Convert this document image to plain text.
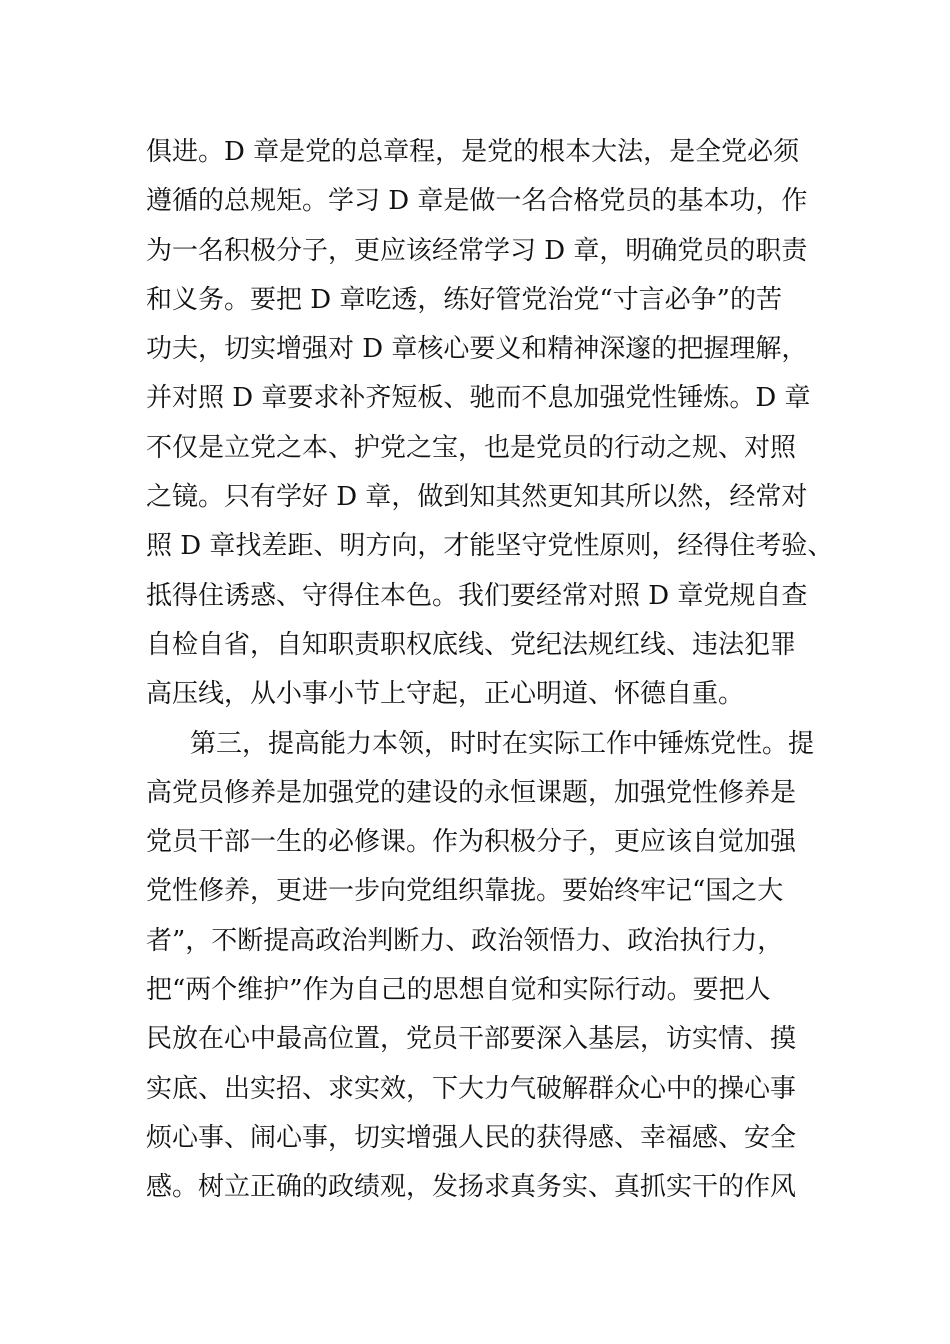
俱进。D 章是党的总章程，是党的根本大法，是全党必须
遵循的总规矩。学习 D 章是做一名合格党员的基本功，作
为一名积极分子，更应该经常学习 D 章，明确党员的职责
和义务。要把 D 章吃透，练好管党治党“寸言必争”的苦
功夫，切实增强对 D 章核心要义和精神深邃的把握理解，
并对照 D 章要求补齐短板、驰而不息加强党性锤炼。D 章
不仅是立党之本、护党之宝，也是党员的行动之规、对照
之镜。只有学好 D 章，做到知其然更知其所以然，经常对
照 D 章找差距、明方向，才能坚守党性原则，经得住考验、
抵得住诱惑、守得住本色。我们要经常对照 D 章党规自查
自检自省，自知职责职权底线、党纪法规红线、违法犯罪
高压线，从小事小节上守起，正心明道、怀德自重。
第三，提高能力本领，时时在实际工作中锤炼党性。提
高党员修养是加强党的建设的永恒课题，加强党性修养是
党员干部一生的必修课。作为积极分子，更应该自觉加强
党性修养，更进一步向党组织靠拢。要始终牢记“国之大
者”，不断提高政治判断力、政治领悟力、政治执行力，
把“两个维护”作为自己的思想自觉和实际行动。要把人
民放在心中最高位置，党员干部要深入基层，访实情、摸
实底、出实招、求实效，下大力气破解群众心中的操心事
烦心事、闹心事，切实增强人民的获得感、幸福感、安全
感。树立正确的政绩观，发扬求真务实、真抓实干的作风
